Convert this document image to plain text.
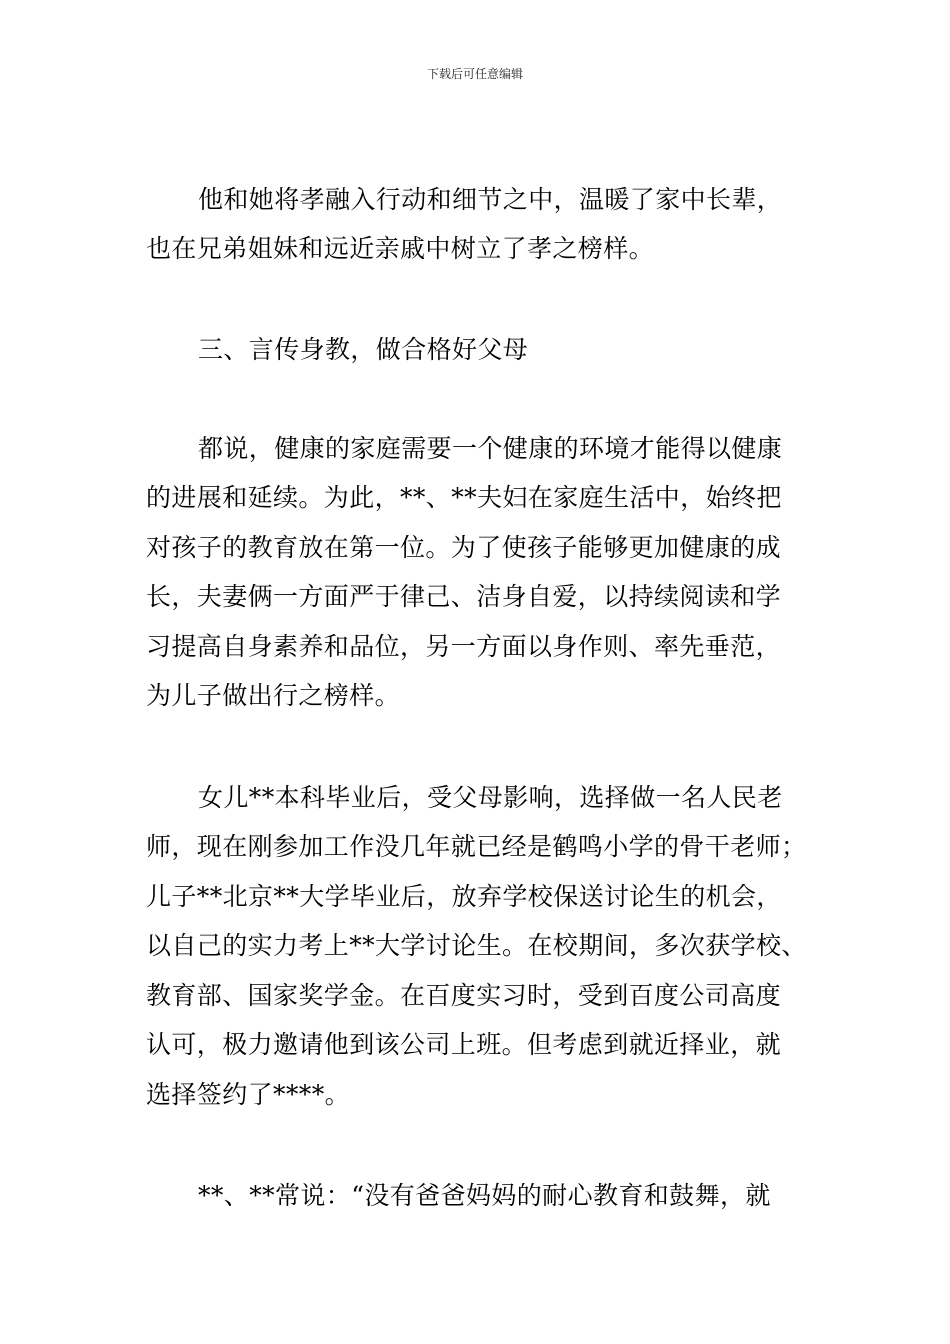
下载后可任意编辑
他和她将孝融入行动和细节之中，温暖了家中长辈，
也在兄弟姐妹和远近亲戚中树立了孝之榜样。
三、言传身教，做合格好父母
都说，健康的家庭需要一个健康的环境才能得以健康
的进展和延续。为此，**、**夫妇在家庭生活中，始终把
对孩子的教育放在第一位。为了使孩子能够更加健康的成
长，夫妻俩一方面严于律己、洁身自爱，以持续阅读和学
习提高自身素养和品位，另一方面以身作则、率先垂范，
为儿子做出行之榜样。
女儿**本科毕业后，受父母影响，选择做一名人民老
师，现在刚参加工作没几年就已经是鹤鸣小学的骨干老师；
儿子**北京**大学毕业后，放弃学校保送讨论生的机会，
以自己的实力考上**大学讨论生。在校期间，多次获学校、
教育部、国家奖学金。在百度实习时，受到百度公司高度
认可，极力邀请他到该公司上班。但考虑到就近择业，就
选择签约了****。
**、**常说：“没有爸爸妈妈的耐心教育和鼓舞，就
